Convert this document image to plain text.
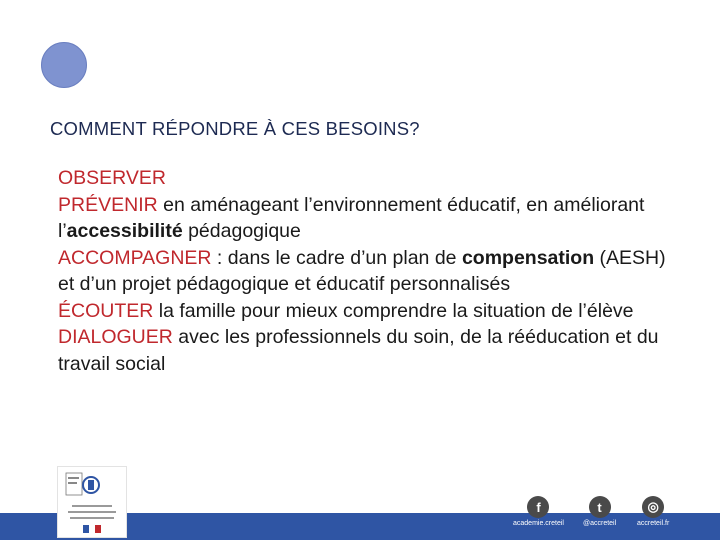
COMMENT RÉPONDRE À CES BESOINS?
OBSERVER
PRÉVENIR en aménageant l’environnement éducatif, en améliorant l’accessibilité pédagogique
ACCOMPAGNER : dans le cadre d’un plan de compensation (AESH) et d’un projet pédagogique et éducatif personnalisés
ÉCOUTER la famille pour mieux comprendre la situation de l’élève
DIALOGUER avec les professionnels du soin, de la rééducation et du travail social
f
academie.creteil
t
@accreteil
◎
accreteil.fr
